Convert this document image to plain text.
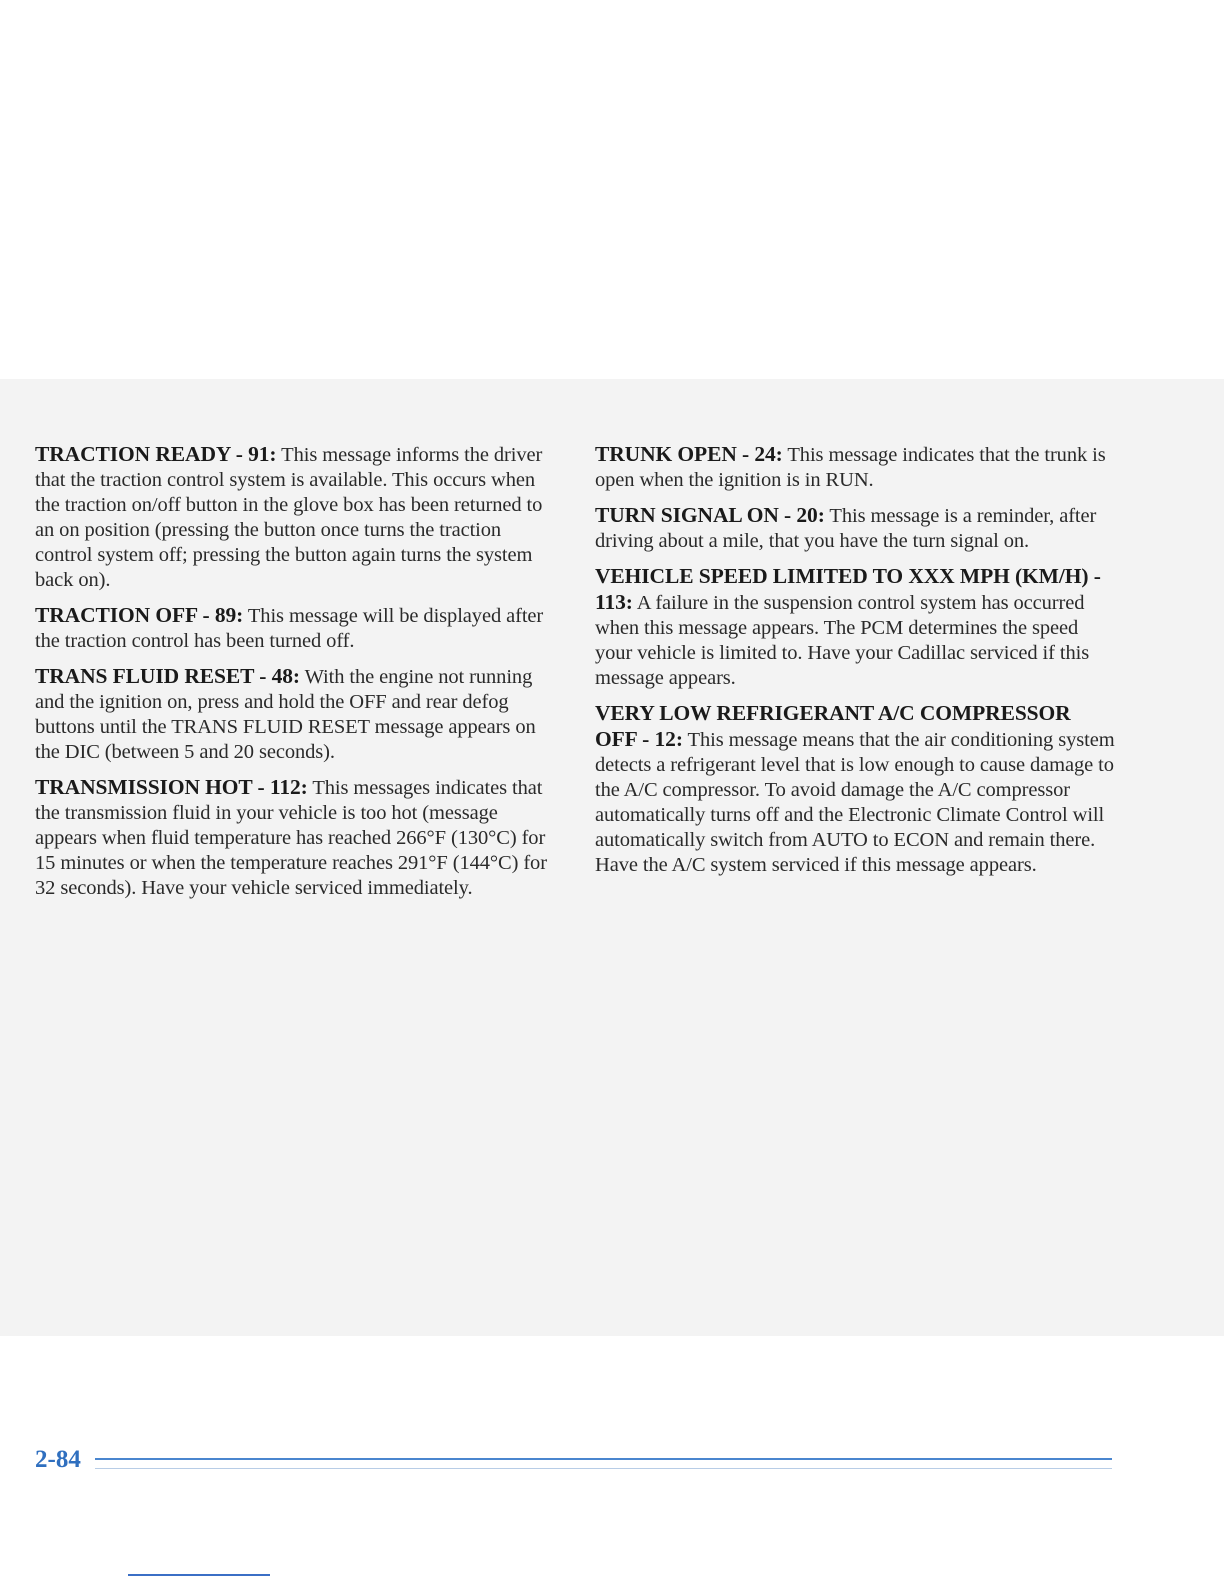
TRACTION READY - 91: This message informs the driver that the traction control system is available. This occurs when the traction on/off button in the glove box has been returned to an on position (pressing the button once turns the traction control system off; pressing the button again turns the system back on).

TRACTION OFF - 89: This message will be displayed after the traction control has been turned off.

TRANS FLUID RESET - 48: With the engine not running and the ignition on, press and hold the OFF and rear defog buttons until the TRANS FLUID RESET message appears on the DIC (between 5 and 20 seconds).

TRANSMISSION HOT - 112: This messages indicates that the transmission fluid in your vehicle is too hot (message appears when fluid temperature has reached 266°F (130°C) for 15 minutes or when the temperature reaches 291°F (144°C) for 32 seconds). Have your vehicle serviced immediately.

TRUNK OPEN - 24: This message indicates that the trunk is open when the ignition is in RUN.

TURN SIGNAL ON - 20: This message is a reminder, after driving about a mile, that you have the turn signal on.

VEHICLE SPEED LIMITED TO XXX MPH (KM/H) - 113: A failure in the suspension control system has occurred when this message appears. The PCM determines the speed your vehicle is limited to. Have your Cadillac serviced if this message appears.

VERY LOW REFRIGERANT A/C COMPRESSOR OFF - 12: This message means that the air conditioning system detects a refrigerant level that is low enough to cause damage to the A/C compressor. To avoid damage the A/C compressor automatically turns off and the Electronic Climate Control will automatically switch from AUTO to ECON and remain there. Have the A/C system serviced if this message appears.

2-84
